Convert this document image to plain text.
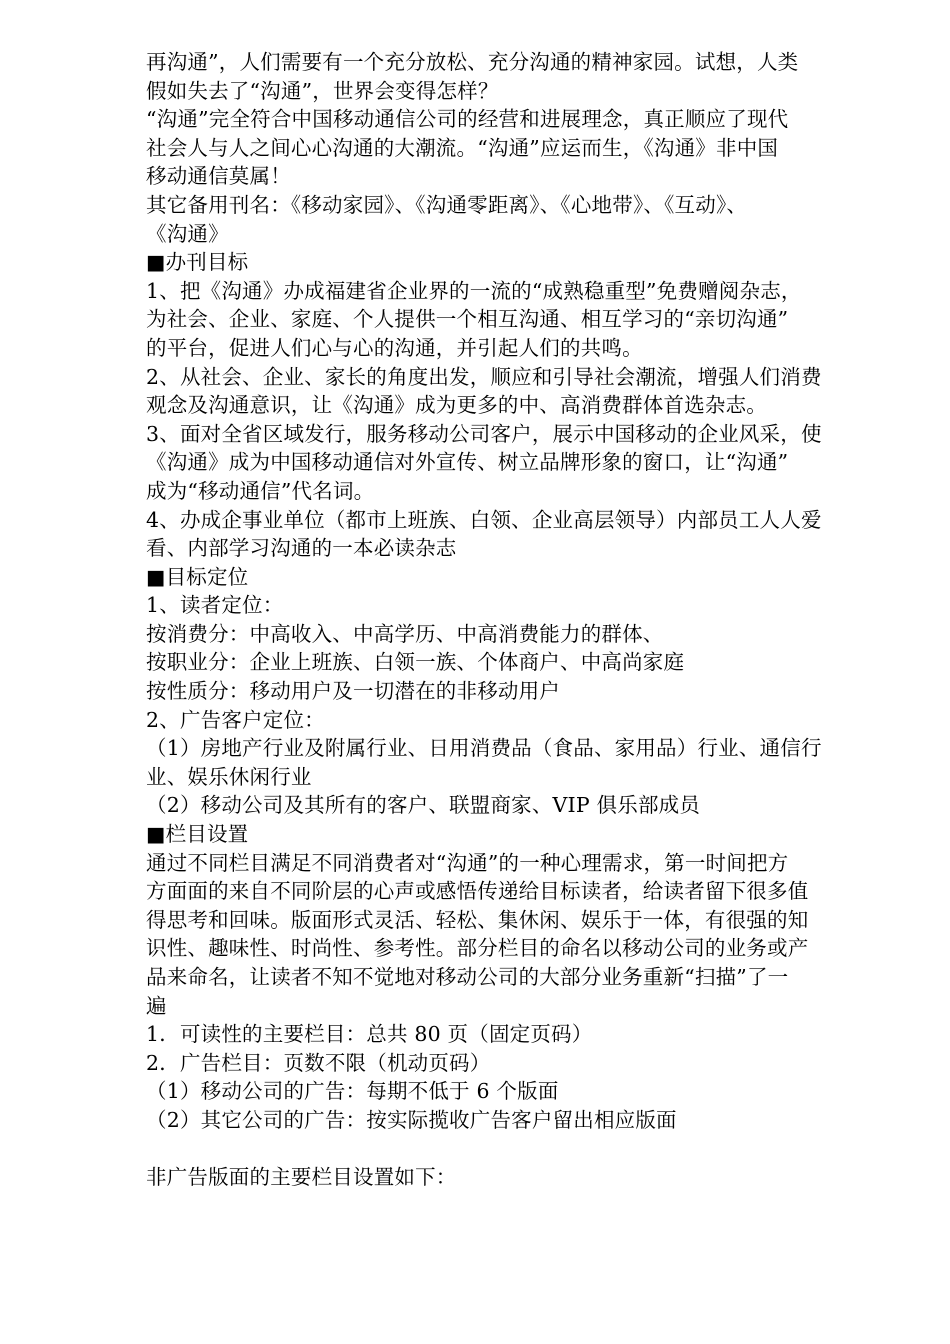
再沟通”，人们需要有一个充分放松、充分沟通的精神家园。试想，人类
假如失去了“沟通”，世界会变得怎样？
“沟通”完全符合中国移动通信公司的经营和进展理念，真正顺应了现代
社会人与人之间心心沟通的大潮流。“沟通”应运而生，《沟通》非中国
移动通信莫属！
其它备用刊名：《移动家园》、《沟通零距离》、《心地带》、《互动》、
《沟通》
■办刊目标
1、把《沟通》办成福建省企业界的一流的“成熟稳重型”免费赠阅杂志，
为社会、企业、家庭、个人提供一个相互沟通、相互学习的“亲切沟通”
的平台，促进人们心与心的沟通，并引起人们的共鸣。
2、从社会、企业、家长的角度出发，顺应和引导社会潮流，增强人们消费
观念及沟通意识，让《沟通》成为更多的中、高消费群体首选杂志。
3、面对全省区域发行，服务移动公司客户，展示中国移动的企业风采，使
《沟通》成为中国移动通信对外宣传、树立品牌形象的窗口，让“沟通”
成为“移动通信”代名词。
4、办成企事业单位（都市上班族、白领、企业高层领导）内部员工人人爱
看、内部学习沟通的一本必读杂志
■目标定位
1、读者定位：
按消费分：中高收入、中高学历、中高消费能力的群体、
按职业分：企业上班族、白领一族、个体商户、中高尚家庭
按性质分：移动用户及一切潜在的非移动用户
2、广告客户定位：
（1）房地产行业及附属行业、日用消费品（食品、家用品）行业、通信行
业、娱乐休闲行业
（2）移动公司及其所有的客户、联盟商家、VIP 俱乐部成员
■栏目设置
通过不同栏目满足不同消费者对“沟通”的一种心理需求，第一时间把方
方面面的来自不同阶层的心声或感悟传递给目标读者，给读者留下很多值
得思考和回味。版面形式灵活、轻松、集休闲、娱乐于一体，有很强的知
识性、趣味性、时尚性、参考性。部分栏目的命名以移动公司的业务或产
品来命名，让读者不知不觉地对移动公司的大部分业务重新“扫描”了一
遍
1．可读性的主要栏目：总共 80 页（固定页码）
2．广告栏目：页数不限（机动页码）
（1）移动公司的广告：每期不低于 6 个版面
（2）其它公司的广告：按实际揽收广告客户留出相应版面
非广告版面的主要栏目设置如下：
